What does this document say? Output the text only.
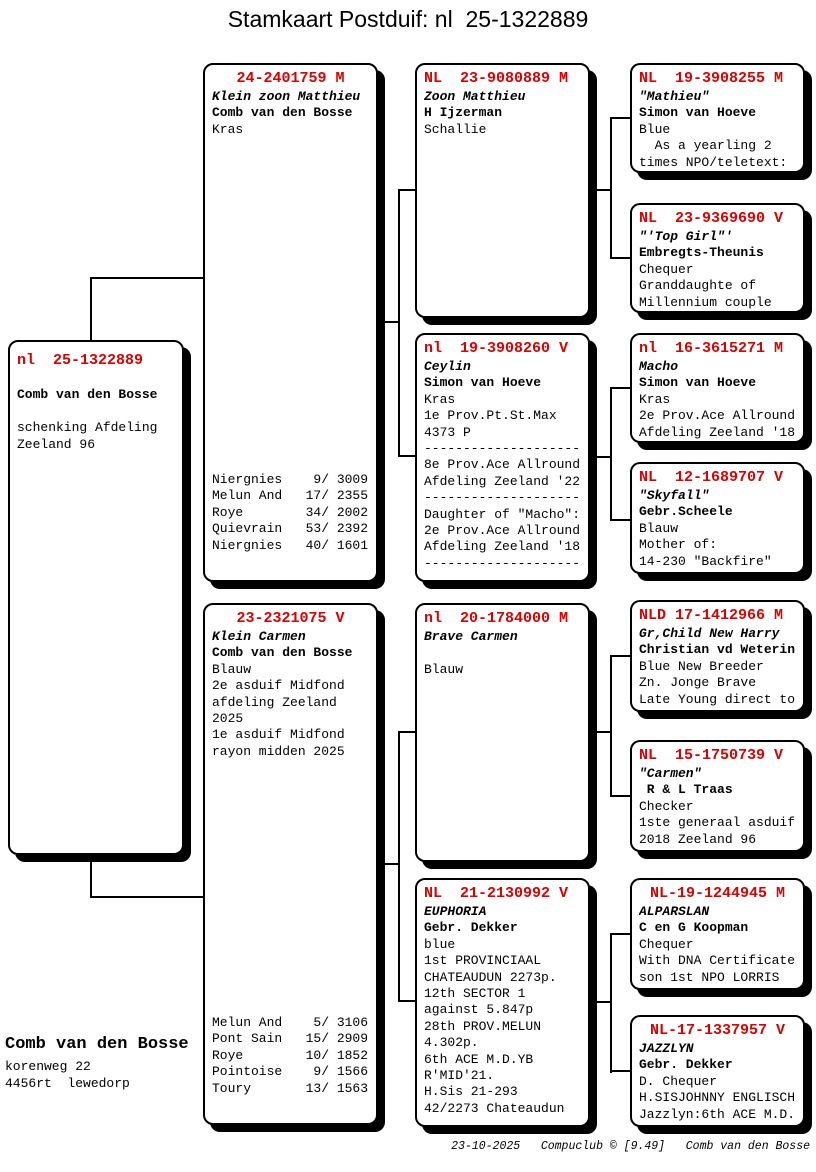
Stamkaart Postduif: nl  25-1322889
nl  25-1322889

Comb van den Bosse

schenking Afdeling
Zeeland 96
24-2401759 M
Klein zoon Matthieu
Comb van den Bosse
Kras
Niergnies    9/ 3009
Melun And   17/ 2355
Roye        34/ 2002
Quievrain   53/ 2392
Niergnies   40/ 1601
23-2321075 V
Klein Carmen
Comb van den Bosse
Blauw
2e asduif Midfond
afdeling Zeeland
2025
1e asduif Midfond
rayon midden 2025
Melun And    5/ 3106
Pont Sain   15/ 2909
Roye        10/ 1852
Pointoise    9/ 1566
Toury       13/ 1563
NL  23-9080889 M
Zoon Matthieu
H Ijzerman
Schallie
nl  19-3908260 V
Ceylin
Simon van Hoeve
Kras
1e Prov.Pt.St.Max
4373 P
--------------------
8e Prov.Ace Allround
Afdeling Zeeland '22
--------------------
Daughter of "Macho":
2e Prov.Ace Allround
Afdeling Zeeland '18
--------------------
nl  20-1784000 M
Brave Carmen

Blauw
NL  21-2130992 V
EUPHORIA
Gebr. Dekker
blue
1st PROVINCIAAL
CHATEAUDUN 2273p.
12th SECTOR 1
against 5.847p
28th PROV.MELUN
4.302p.
6th ACE M.D.YB
R'MID'21.
H.Sis 21-293
42/2273 Chateaudun
NL  19-3908255 M
"Mathieu"
Simon van Hoeve
Blue
As a yearling 2
times NPO/teletext:
NL  23-9369690 V
"'Top Girl"'
Embregts-Theunis
Chequer
Granddaughte of
Millennium couple
nl  16-3615271 M
Macho
Simon van Hoeve
Kras
2e Prov.Ace Allround
Afdeling Zeeland '18
NL  12-1689707 V
"Skyfall"
Gebr.Scheele
Blauw
Mother of:
14-230 "Backfire"
NLD 17-1412966 M
Gr,Child New Harry
Christian vd Weterin
Blue New Breeder
Zn. Jonge Brave
Late Young direct to
NL  15-1750739 V
"Carmen"
R & L Traas
Checker
1ste generaal asduif
2018 Zeeland 96
NL-19-1244945 M
ALPARSLAN
C en G Koopman
Chequer
With DNA Certificate
son 1st NPO LORRIS
NL-17-1337957 V
JAZZLYN
Gebr. Dekker
D. Chequer
H.SISJOHNNY ENGLISCH
Jazzlyn:6th ACE M.D.
Comb van den Bosse
korenweg 22
4456rt  lewedorp
23-10-2025   Compuclub © [9.49]   Comb van den Bosse
